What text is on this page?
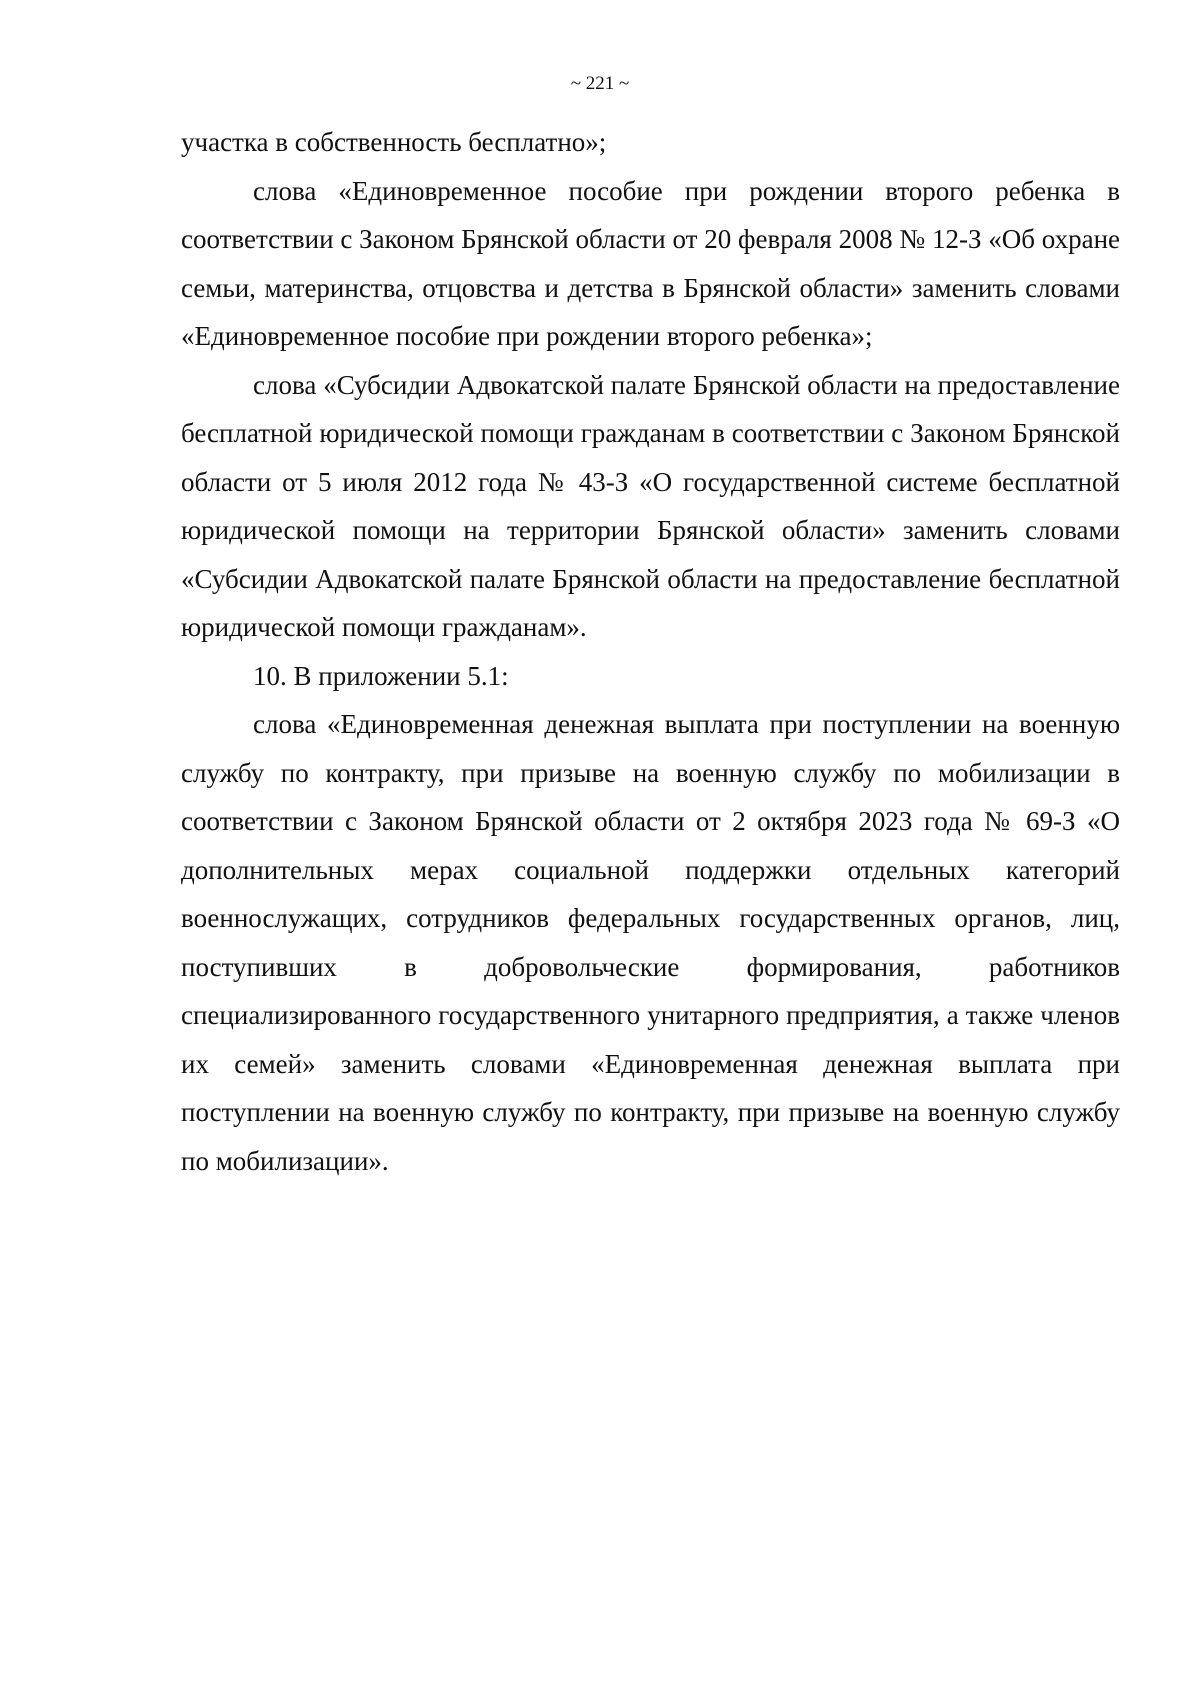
~ 221 ~

участка в собственность бесплатно»;

слова «Единовременное пособие при рождении второго ребенка в соответствии с Законом Брянской области от 20 февраля 2008 № 12-З «Об охране семьи, материнства, отцовства и детства в Брянской области» заменить словами «Единовременное пособие при рождении второго ребенка»;

слова «Субсидии Адвокатской палате Брянской области на предоставление бесплатной юридической помощи гражданам в соответствии с Законом Брянской области от 5 июля 2012 года № 43-З «О государственной системе бесплатной юридической помощи на территории Брянской области» заменить словами «Субсидии Адвокатской палате Брянской области на предоставление бесплатной юридической помощи гражданам».

10. В приложении 5.1:

слова «Единовременная денежная выплата при поступлении на военную службу по контракту, при призыве на военную службу по мобилизации в соответствии с Законом Брянской области от 2 октября 2023 года № 69-З «О дополнительных мерах социальной поддержки отдельных категорий военнослужащих, сотрудников федеральных государственных органов, лиц, поступивших в добровольческие формирования, работников специализированного государственного унитарного предприятия, а также членов их семей» заменить словами «Единовременная денежная выплата при поступлении на военную службу по контракту, при призыве на военную службу по мобилизации».
